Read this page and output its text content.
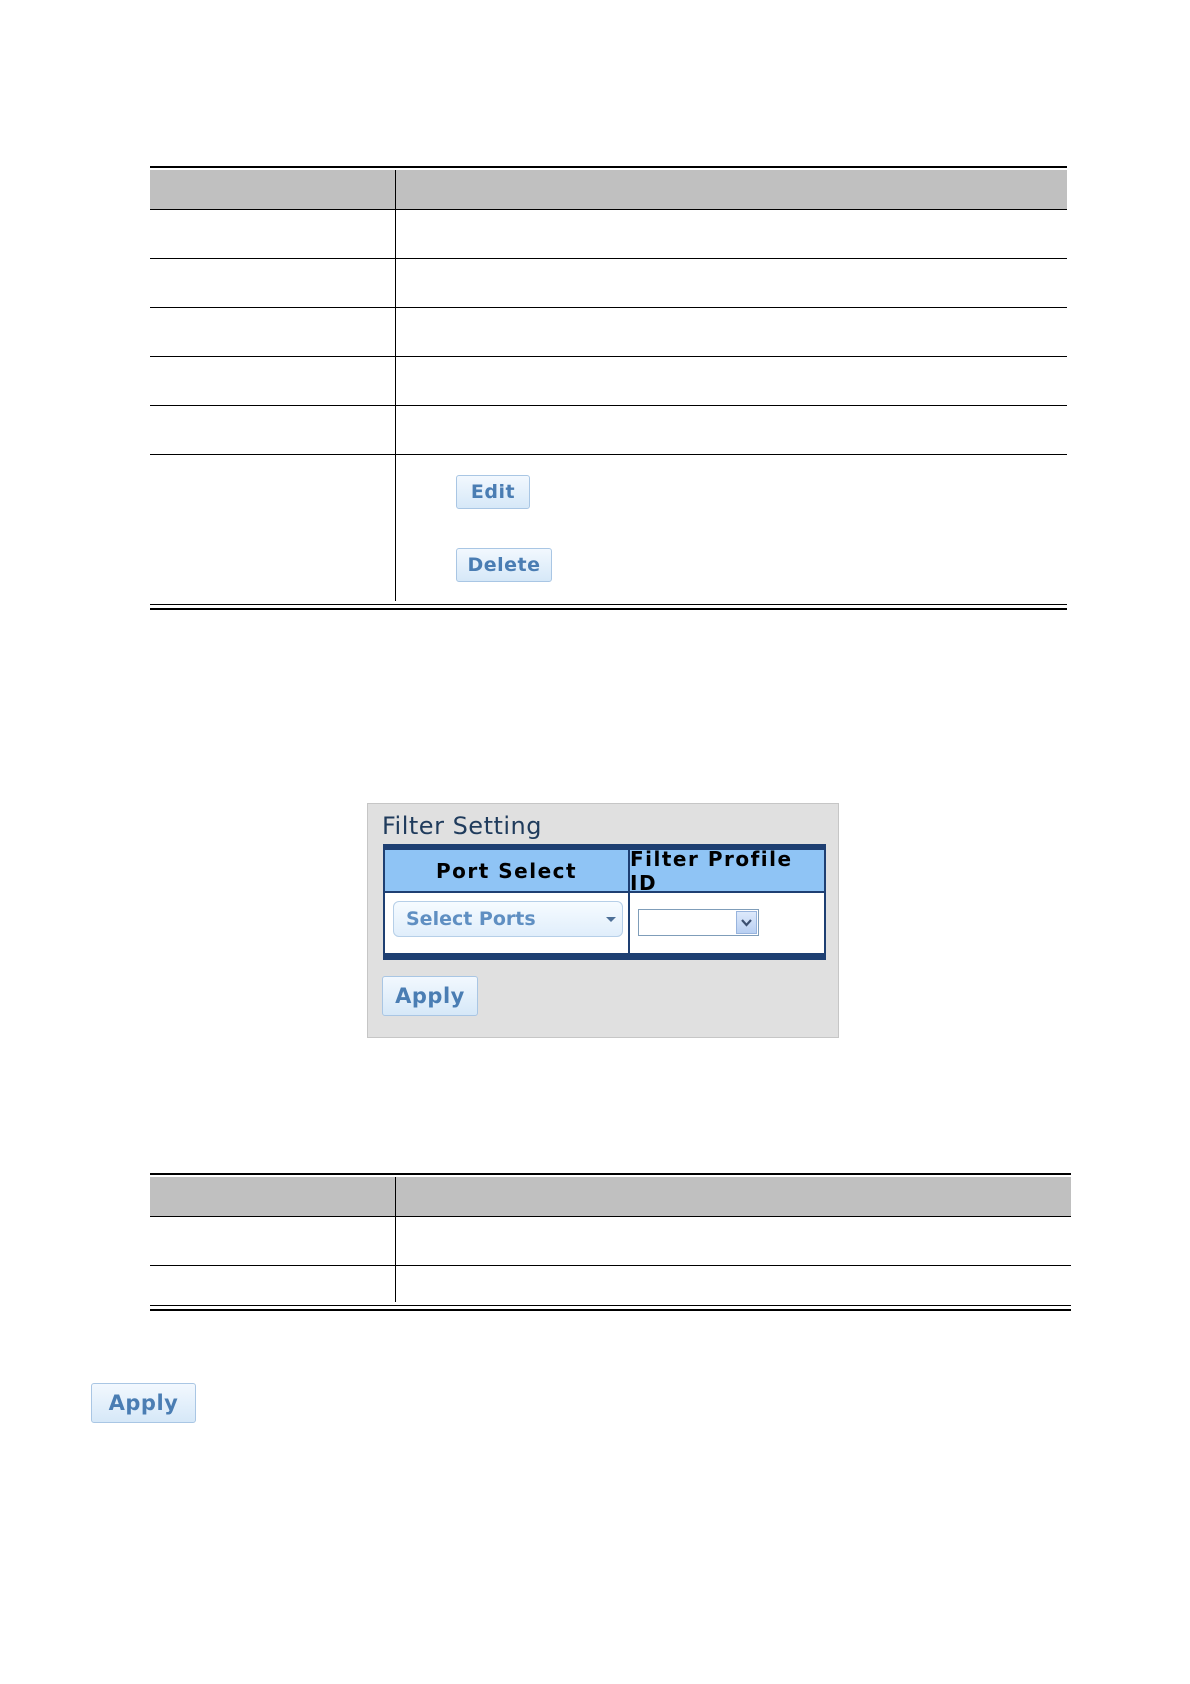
Edit
Delete
Filter Setting
Port Select	Filter Profile ID
Select Ports
Apply

Apply
